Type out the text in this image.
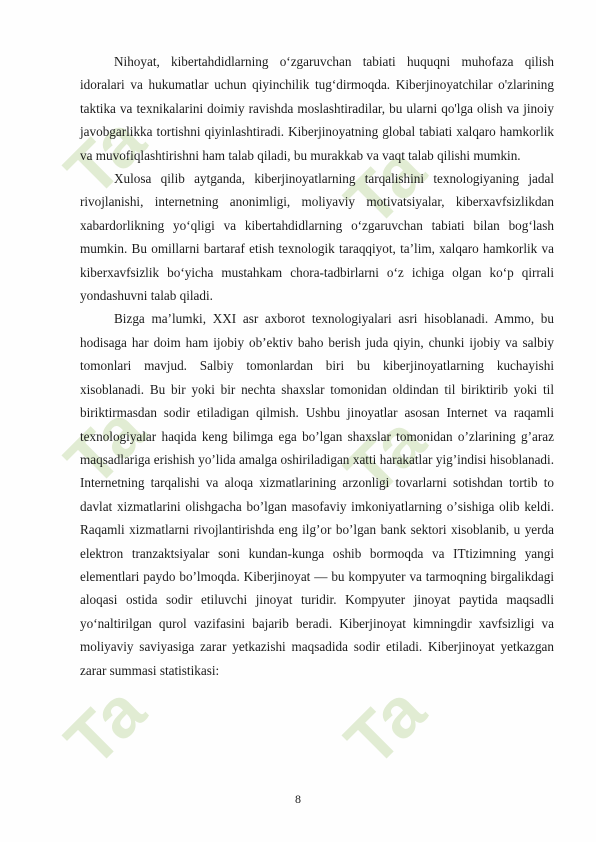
Ta Ta
Ta Ta
Ta Ta

Nihoyat, kibertahdidlarning oʻzgaruvchan tabiati huquqni muhofaza qilish idoralari va hukumatlar uchun qiyinchilik tugʻdirmoqda. Kiberjinoyatchilar o'zlarining taktika va texnikalarini doimiy ravishda moslashtiradilar, bu ularni qo'lga olish va jinoiy javobgarlikka tortishni qiyinlashtiradi. Kiberjinoyatning global tabiati xalqaro hamkorlik va muvofiqlashtirishni ham talab qiladi, bu murakkab va vaqt talab qilishi mumkin.

Xulosa qilib aytganda, kiberjinoyatlarning tarqalishini texnologiyaning jadal rivojlanishi, internetning anonimligi, moliyaviy motivatsiyalar, kiberxavfsizlikdan xabardorlikning yoʻqligi va kibertahdidlarning oʻzgaruvchan tabiati bilan bogʻlash mumkin. Bu omillarni bartaraf etish texnologik taraqqiyot, taʼlim, xalqaro hamkorlik va kiberxavfsizlik boʻyicha mustahkam chora-tadbirlarni oʻz ichiga olgan koʻp qirrali yondashuvni talab qiladi.

Bizga maʼlumki, XXI asr axborot texnologiyalari asri hisoblanadi. Ammo, bu hodisaga har doim ham ijobiy obʼektiv baho berish juda qiyin, chunki ijobiy va salbiy tomonlari mavjud. Salbiy tomonlardan biri bu kiberjinoyatlarning kuchayishi xisoblanadi. Bu bir yoki bir nechta shaxslar tomonidan oldindan til biriktirib yoki til biriktirmasdan sodir etiladigan qilmish. Ushbu jinoyatlar asosan Internet va raqamli texnologiyalar haqida keng bilimga ega boʼlgan shaxslar tomonidan oʼzlarining gʼaraz maqsadlariga erishish yoʼlida amalga oshiriladigan xatti harakatlar yigʼindisi hisoblanadi. Internetning tarqalishi va aloqa xizmatlarining arzonligi tovarlarni sotishdan tortib to davlat xizmatlarini olishgacha boʼlgan masofaviy imkoniyatlarning oʼsishiga olib keldi. Raqamli xizmatlarni rivojlantirishda eng ilgʼor boʼlgan bank sektori xisoblanib, u yerda elektron tranzaktsiyalar soni kundan-kunga oshib bormoqda va ITtizimning yangi elementlari paydo boʼlmoqda. Kiberjinoyat — bu kompyuter va tarmoqning birgalikdagi aloqasi ostida sodir etiluvchi jinoyat turidir. Kompyuter jinoyat paytida maqsadli yoʻnaltirilgan qurol vazifasini bajarib beradi. Kiberjinoyat kimningdir xavfsizligi va moliyaviy saviyasiga zarar yetkazishi maqsadida sodir etiladi. Kiberjinoyat yetkazgan zarar summasi statistikasi:

8
